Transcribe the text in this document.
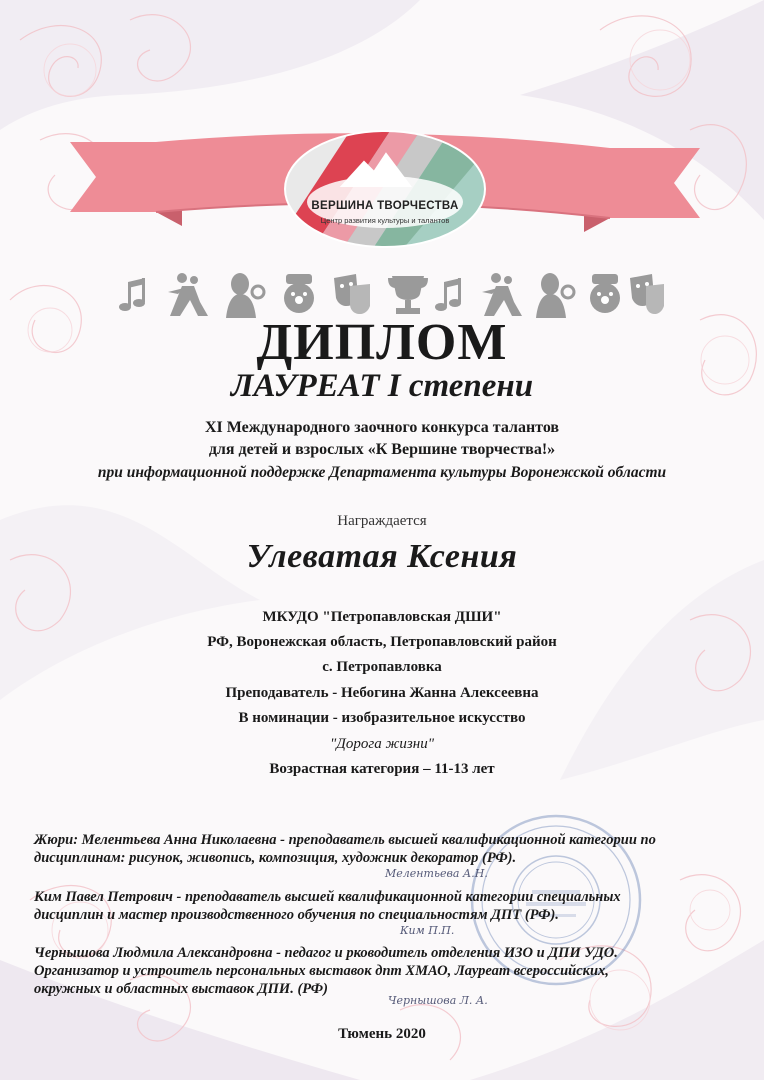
ВЕРШИНА ТВОРЧЕСТВА
Центр развития культуры и талантов
ДИПЛОМ
ЛАУРЕАТ I степени
XI Международного заочного конкурса талантов
для детей и взрослых «К Вершине творчества!»
при информационной поддержке Департамента культуры Воронежской области
Награждается
Улеватая Ксения
МКУДО "Петропавловская ДШИ"
РФ, Воронежская область, Петропавловский район
с. Петропавловка
Преподаватель - Небогина Жанна Алексеевна
В номинации - изобразительное искусство
"Дорога жизни"
Возрастная категория – 11-13 лет
Жюри: Мелентьева Анна Николаевна - преподаватель высшей квалификационной категории по
дисциплинам: рисунок, живопись, композиция, художник декоратор (РФ).
Мелентьева А.Н.
Ким Павел Петрович - преподаватель высшей квалификационной категории специальных
дисциплин и мастер производственного обучения по специальностям ДПТ (РФ).
Ким П.П.
Чернышова Людмила Александровна - педагог и рководитель отделения ИЗО и ДПИ УДО.
Организатор и устроитель персональных выставок дпт ХМАО, Лауреат всероссийских,
окружных и областных выставок ДПИ. (РФ)
Чернышова Л. А.
Тюмень 2020
